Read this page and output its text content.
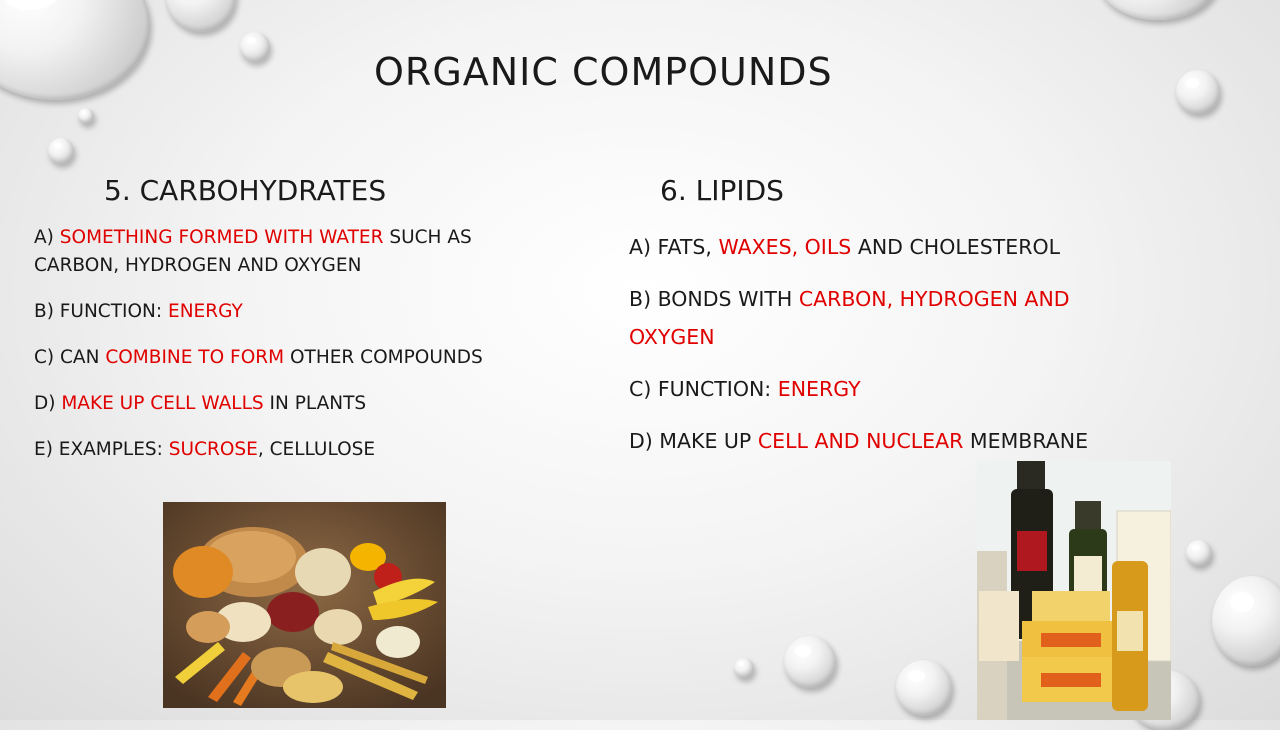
ORGANIC COMPOUNDS
5. CARBOHYDRATES
A) SOMETHING FORMED WITH WATER SUCH AS CARBON, HYDROGEN AND OXYGEN
B) FUNCTION: ENERGY
C) CAN COMBINE TO FORM OTHER COMPOUNDS
D) MAKE UP CELL WALLS IN PLANTS
E) EXAMPLES: SUCROSE, CELLULOSE
6. LIPIDS
A) FATS, WAXES, OILS AND CHOLESTEROL
B) BONDS WITH CARBON, HYDROGEN AND OXYGEN
C) FUNCTION: ENERGY
D) MAKE UP CELL AND NUCLEAR MEMBRANE
